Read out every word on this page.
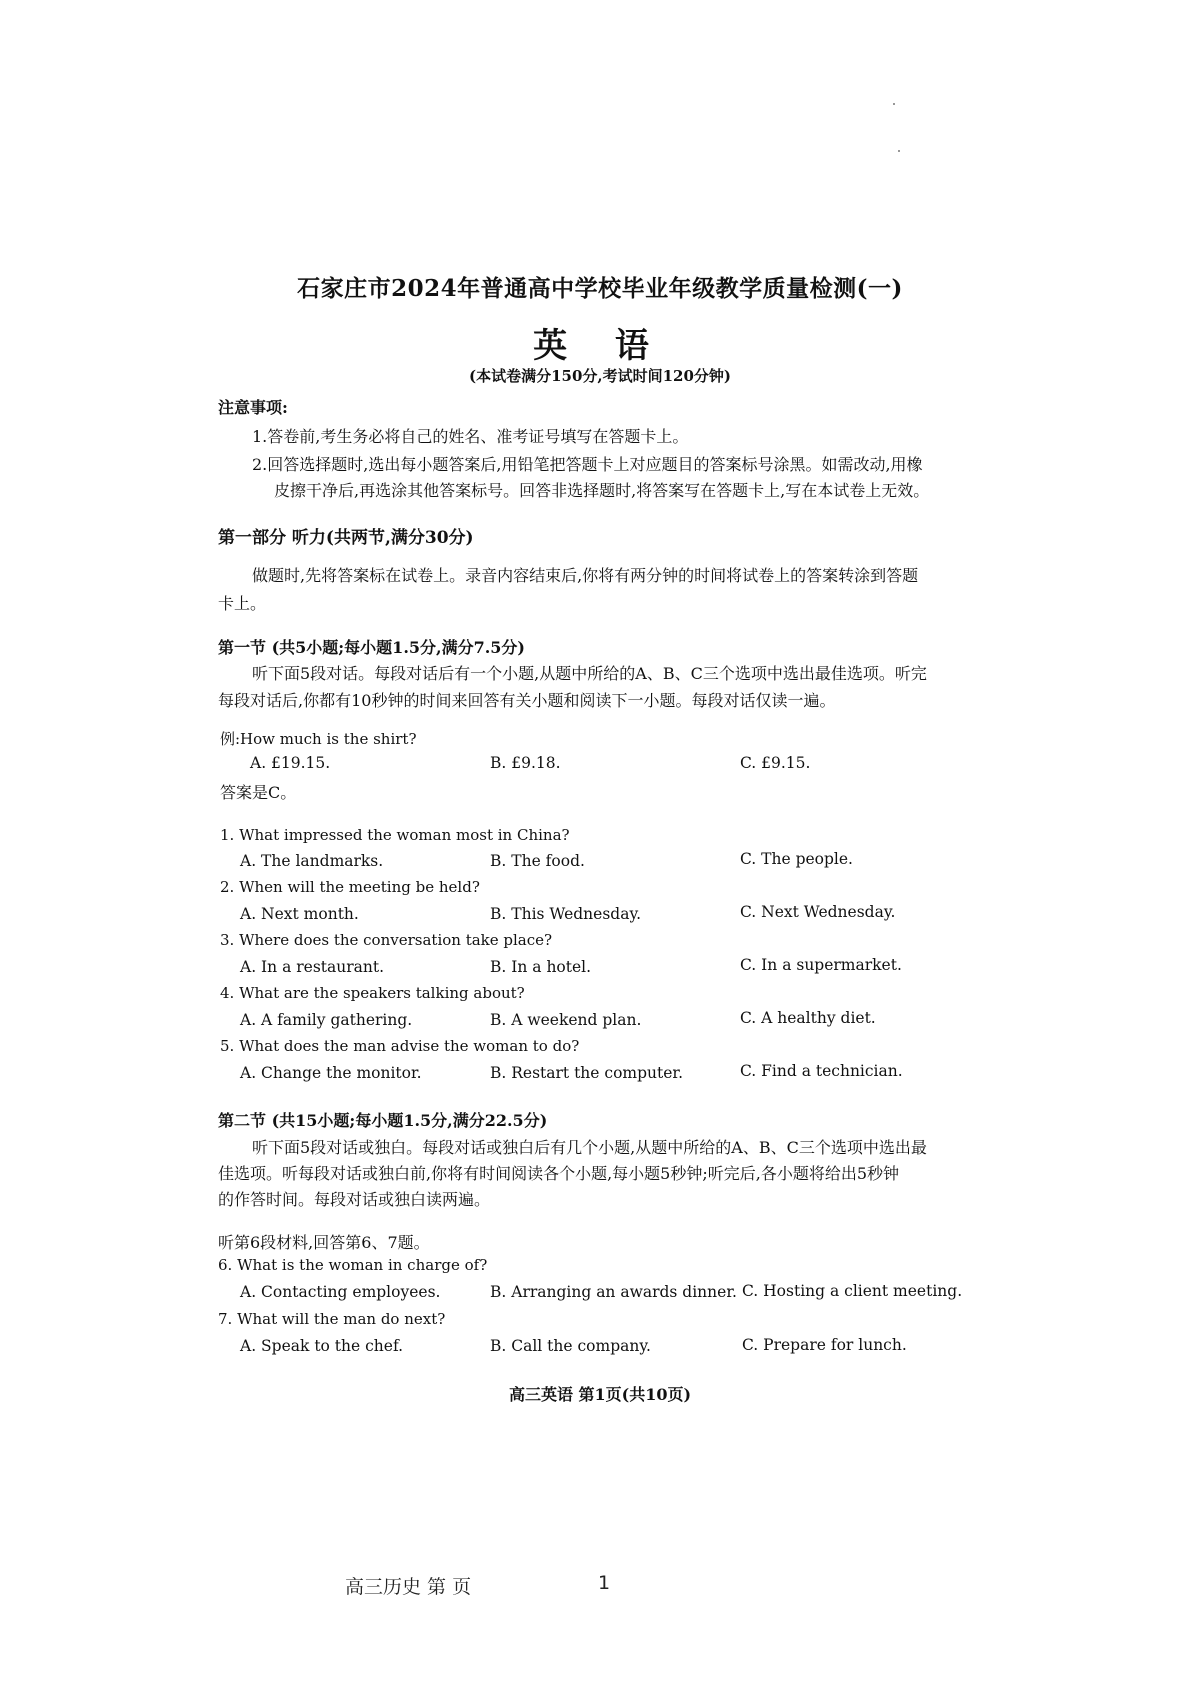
石家庄市2024年普通高中学校毕业年级教学质量检测(一)
英 语
(本试卷满分150分,考试时间120分钟)
注意事项:
1.答卷前,考生务必将自己的姓名、准考证号填写在答题卡上。
2.回答选择题时,选出每小题答案后,用铅笔把答题卡上对应题目的答案标号涂黑。如需改动,用橡
皮擦干净后,再选涂其他答案标号。回答非选择题时,将答案写在答题卡上,写在本试卷上无效。
第一部分 听力(共两节,满分30分)
做题时,先将答案标在试卷上。录音内容结束后,你将有两分钟的时间将试卷上的答案转涂到答题
卡上。
第一节 (共5小题;每小题1.5分,满分7.5分)
听下面5段对话。每段对话后有一个小题,从题中所给的A、B、C三个选项中选出最佳选项。听完
每段对话后,你都有10秒钟的时间来回答有关小题和阅读下一小题。每段对话仅读一遍。
例:How much is the shirt?
A. £19.15.	B. £9.18.	C. £9.15.
答案是C。
1. What impressed the woman most in China?
A. The landmarks.	B. The food.	C. The people.
2. When will the meeting be held?
A. Next month.	B. This Wednesday.	C. Next Wednesday.
3. Where does the conversation take place?
A. In a restaurant.	B. In a hotel.	C. In a supermarket.
4. What are the speakers talking about?
A. A family gathering.	B. A weekend plan.	C. A healthy diet.
5. What does the man advise the woman to do?
A. Change the monitor.	B. Restart the computer.	C. Find a technician.
第二节 (共15小题;每小题1.5分,满分22.5分)
听下面5段对话或独白。每段对话或独白后有几个小题,从题中所给的A、B、C三个选项中选出最
佳选项。听每段对话或独白前,你将有时间阅读各个小题,每小题5秒钟;听完后,各小题将给出5秒钟
的作答时间。每段对话或独白读两遍。
听第6段材料,回答第6、7题。
6. What is the woman in charge of?
A. Contacting employees.	B. Arranging an awards dinner. C. Hosting a client meeting.
7. What will the man do next?
A. Speak to the chef.	B. Call the company.	C. Prepare for lunch.
高三英语 第1页(共10页)
高三历史 第 页	1
